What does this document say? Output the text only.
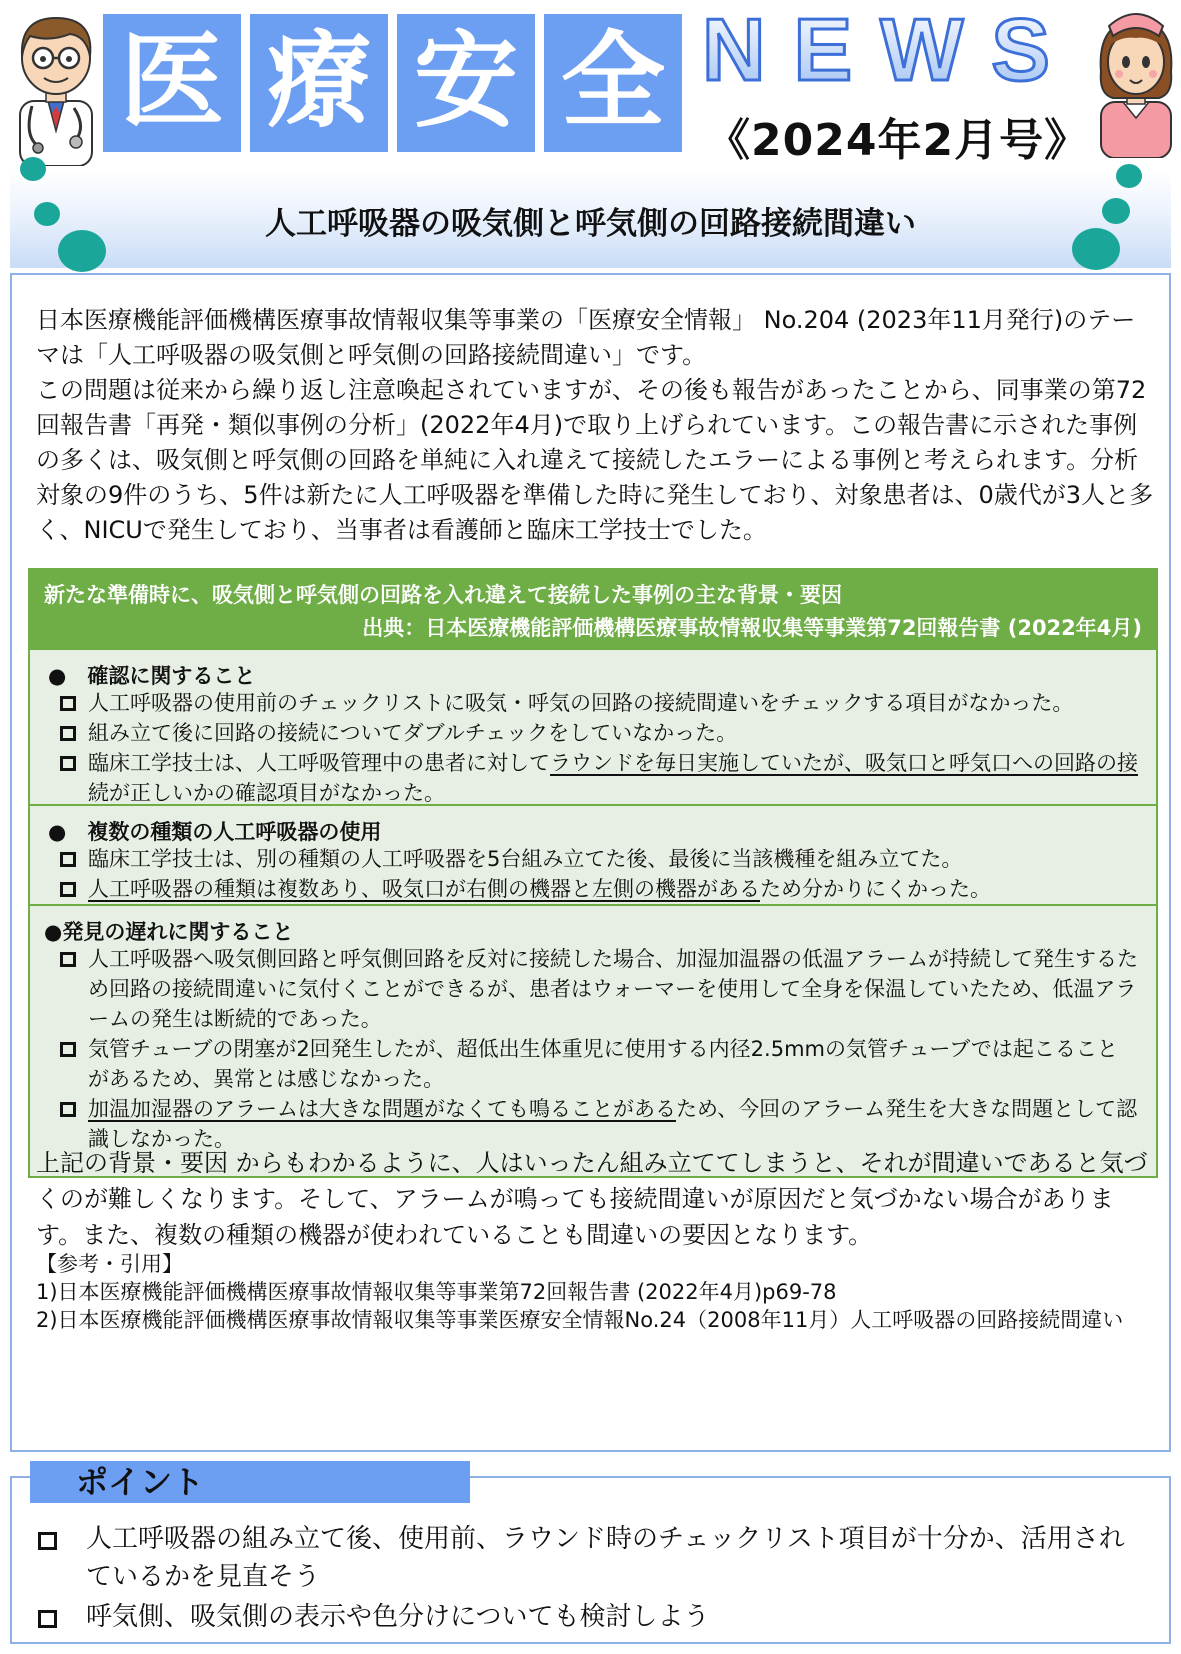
医 療 安 全 NEWS
《2024年2月号》
人工呼吸器の吸気側と呼気側の回路接続間違い

日本医療機能評価機構医療事故情報収集等事業の「医療安全情報」 No.204 (2023年11月発行)のテーマは「人工呼吸器の吸気側と呼気側の回路接続間違い」です。

この問題は従来から繰り返し注意喚起されていますが、その後も報告があったことから、同事業の第72回報告書「再発・類似事例の分析」(2022年4月)で取り上げられています。この報告書に示された事例の多くは、吸気側と呼気側の回路を単純に入れ違えて接続したエラーによる事例と考えられます。分析対象の9件のうち、5件は新たに人工呼吸器を準備した時に発生しており、対象患者は、0歳代が3人と多く、NICUで発生しており、当事者は看護師と臨床工学技士でした。

新たな準備時に、吸気側と呼気側の回路を入れ違えて接続した事例の主な背景・要因
出典：日本医療機能評価機構医療事故情報収集等事業第72回報告書 (2022年4月)
●　確認に関すること
人工呼吸器の使用前のチェックリストに吸気・呼気の回路の接続間違いをチェックする項目がなかった。
組み立て後に回路の接続についてダブルチェックをしていなかった。
臨床工学技士は、人工呼吸管理中の患者に対してラウンドを毎日実施していたが、吸気口と呼気口への回路の接続が正しいかの確認項目がなかった。
●　複数の種類の人工呼吸器の使用
臨床工学技士は、別の種類の人工呼吸器を5台組み立てた後、最後に当該機種を組み立てた。
人工呼吸器の種類は複数あり、吸気口が右側の機器と左側の機器があるため分かりにくかった。
●発見の遅れに関すること
人工呼吸器へ吸気側回路と呼気側回路を反対に接続した場合、加湿加温器の低温アラームが持続して発生するため回路の接続間違いに気付くことができるが、患者はウォーマーを使用して全身を保温していたため、低温アラームの発生は断続的であった。
気管チューブの閉塞が2回発生したが、超低出生体重児に使用する内径2.5mmの気管チューブでは起こることがあるため、異常とは感じなかった。
加温加湿器のアラームは大きな問題がなくても鳴ることがあるため、今回のアラーム発生を大きな問題として認識しなかった。
上記の背景・要因 からもわかるように、人はいったん組み立ててしまうと、それが間違いであると気づくのが難しくなります。そして、アラームが鳴っても接続間違いが原因だと気づかない場合があります。また、複数の種類の機器が使われていることも間違いの要因となります。
【参考・引用】
1)日本医療機能評価機構医療事故情報収集等事業第72回報告書 (2022年4月)p69-78
2)日本医療機能評価機構医療事故情報収集等事業医療安全情報No.24（2008年11月）人工呼吸器の回路接続間違い
ポイント
人工呼吸器の組み立て後、使用前、ラウンド時のチェックリスト項目が十分か、活用されているかを見直そう
呼気側、吸気側の表示や色分けについても検討しよう
